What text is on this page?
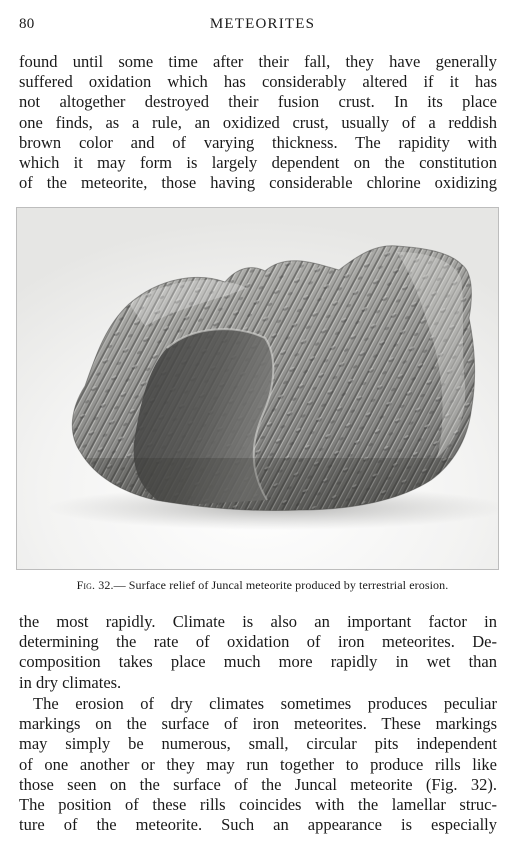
80	METEORITES
found until some time after their fall, they have generally
suffered oxidation which has considerably altered if it has
not altogether destroyed their fusion crust. In its place
one finds, as a rule, an oxidized crust, usually of a reddish
brown color and of varying thickness. The rapidity with
which it may form is largely dependent on the constitution
of the meteorite, those having considerable chlorine oxidizing
Fig. 32.— Surface relief of Juncal meteorite produced by terrestrial erosion.
the most rapidly. Climate is also an important factor in
determining the rate of oxidation of iron meteorites. De-
composition takes place much more rapidly in wet than
in dry climates.
The erosion of dry climates sometimes produces peculiar
markings on the surface of iron meteorites. These markings
may simply be numerous, small, circular pits independent
of one another or they may run together to produce rills like
those seen on the surface of the Juncal meteorite (Fig. 32).
The position of these rills coincides with the lamellar struc-
ture of the meteorite. Such an appearance is especially
